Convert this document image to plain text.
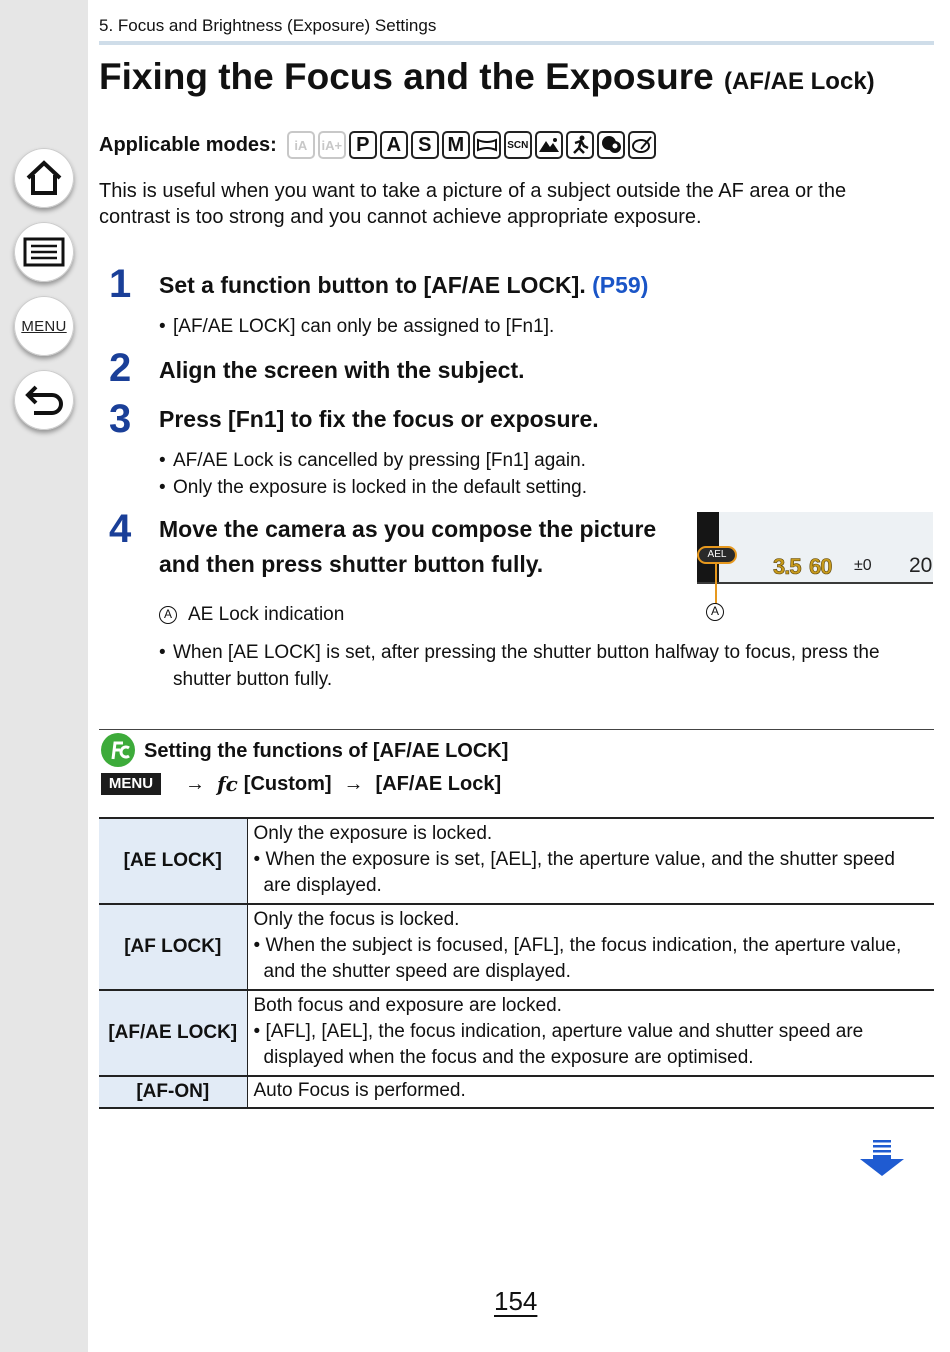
MENU
5. Focus and Brightness (Exposure) Settings
Fixing the Focus and the Exposure (AF/AE Lock)
Applicable modes:	iA	iA+ P A S M	SCN
This is useful when you want to take a picture of a subject outside the AF area or the contrast is too strong and you cannot achieve appropriate exposure.
1 Set a function button to [AF/AE LOCK]. (P59)
• [AF/AE LOCK] can only be assigned to [Fn1].
2 Align the screen with the subject.
3 Press [Fn1] to fix the focus or exposure.
• AF/AE Lock is cancelled by pressing [Fn1] again.
• Only the exposure is locked in the default setting.
4 Move the camera as you compose the picture and then press shutter button fully.	AEL	3.5 60 ±0 20
A
A AE Lock indication
• When [AE LOCK] is set, after pressing the shutter button halfway to focus, press the shutter button fully.
Setting the functions of [AF/AE LOCK]
MENU	→ fc [Custom] → [AF/AE Lock]
[AE LOCK]	Only the exposure is locked.
• When the exposure is set, [AEL], the aperture value, and the shutter speed are displayed.

[AF LOCK]	Only the focus is locked.
• When the subject is focused, [AFL], the focus indication, the aperture value, and the shutter speed are displayed.

[AF/AE LOCK]	Both focus and exposure are locked.
• [AFL], [AEL], the focus indication, aperture value and shutter speed are displayed when the focus and the exposure are optimised.

[AF-ON]	Auto Focus is performed.
154
